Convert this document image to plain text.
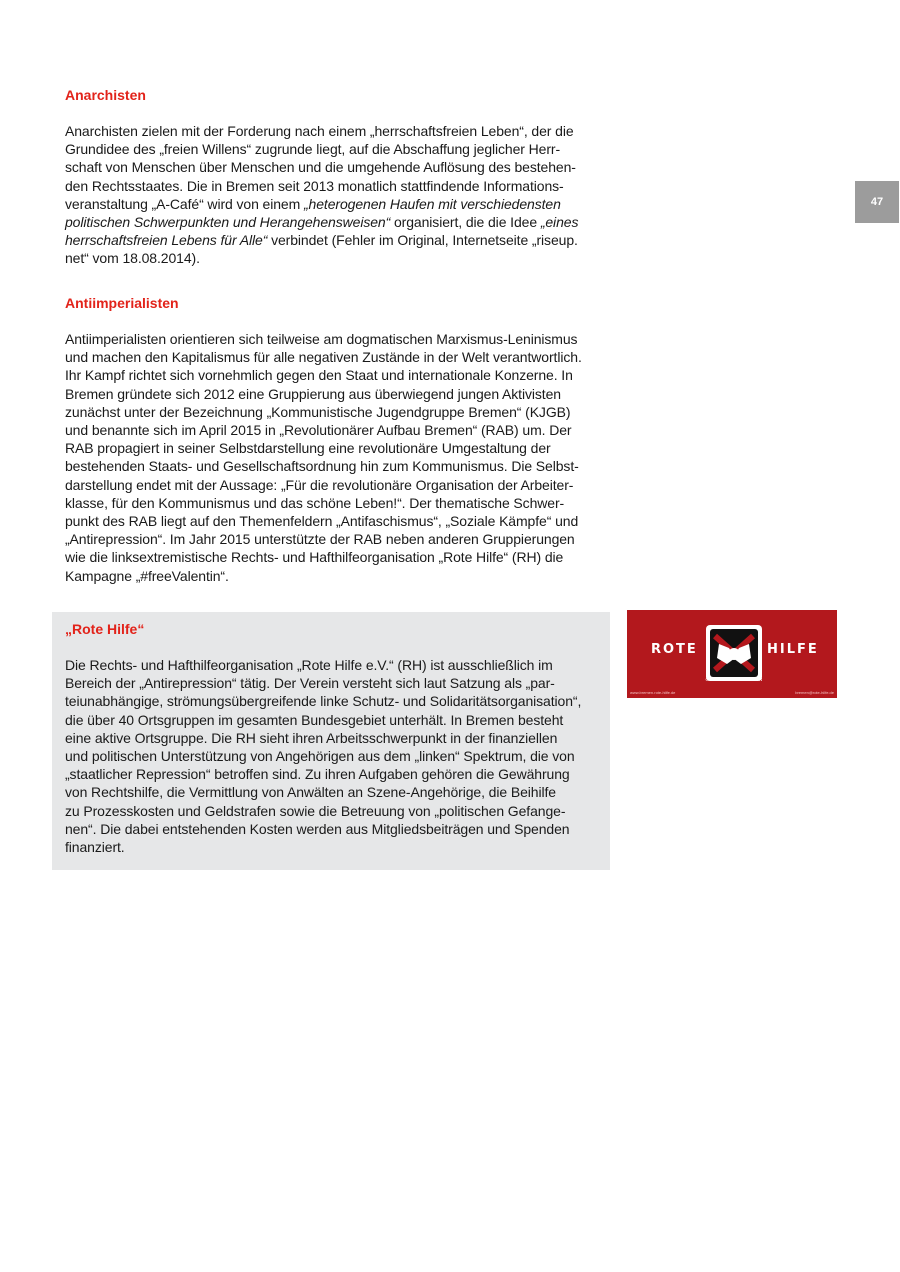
47
Anarchisten

Anarchisten zielen mit der Forderung nach einem „herrschaftsfreien Leben“, der die
Grundidee des „freien Willens“ zugrunde liegt, auf die Abschaffung jeglicher Herr-
schaft von Menschen über Menschen und die umgehende Auflösung des bestehen-
den Rechtsstaates. Die in Bremen seit 2013 monatlich stattfindende Informations-
veranstaltung „A-Café“ wird von einem „heterogenen Haufen mit verschiedensten
politischen Schwerpunkten und Herangehensweisen“ organisiert, die die Idee „eines
herrschaftsfreien Lebens für Alle“ verbindet (Fehler im Original, Internetseite „riseup.
net“ vom 18.08.2014).

Antiimperialisten

Antiimperialisten orientieren sich teilweise am dogmatischen Marxismus-Leninismus
und machen den Kapitalismus für alle negativen Zustände in der Welt verantwortlich.
Ihr Kampf richtet sich vornehmlich gegen den Staat und internationale Konzerne. In
Bremen gründete sich 2012 eine Gruppierung aus überwiegend jungen Aktivisten
zunächst unter der Bezeichnung „Kommunistische Jugendgruppe Bremen“ (KJGB)
und benannte sich im April 2015 in „Revolutionärer Aufbau Bremen“ (RAB) um. Der
RAB propagiert in seiner Selbstdarstellung eine revolutionäre Umgestaltung der
bestehenden Staats- und Gesellschaftsordnung hin zum Kommunismus. Die Selbst-
darstellung endet mit der Aussage: „Für die revolutionäre Organisation der Arbeiter-
klasse, für den Kommunismus und das schöne Leben!“. Der thematische Schwer-
punkt des RAB liegt auf den Themenfeldern „Antifaschismus“, „Soziale Kämpfe“ und
„Antirepression“. Im Jahr 2015 unterstützte der RAB neben anderen Gruppierungen
wie die linksextremistische Rechts- und Hafthilfeorganisation „Rote Hilfe“ (RH) die
Kampagne „#freeValentin“.

„Rote Hilfe“

Die Rechts- und Hafthilfeorganisation „Rote Hilfe e.V.“ (RH) ist ausschließlich im
Bereich der „Antirepression“ tätig. Der Verein versteht sich laut Satzung als „par-
teiunabhängige, strömungsübergreifende linke Schutz- und Solidaritätsorganisation“,
die über 40 Ortsgruppen im gesamten Bundesgebiet unterhält. In Bremen besteht
eine aktive Ortsgruppe. Die RH sieht ihren Arbeitsschwerpunkt in der finanziellen
und politischen Unterstützung von Angehörigen aus dem „linken“ Spektrum, die von
„staatlicher Repression“ betroffen sind. Zu ihren Aufgaben gehören die Gewährung
von Rechtshilfe, die Vermittlung von Anwälten an Szene-Angehörige, die Beihilfe
zu Prozesskosten und Geldstrafen sowie die Betreuung von „politischen Gefange-
nen“. Die dabei entstehenden Kosten werden aus Mitgliedsbeiträgen und Spenden
finanziert.

ROTE	HILFE
ORTSGRUPPE BREMEN
www.bremen.rote-hilfe.de	bremen@rote-hilfe.de
